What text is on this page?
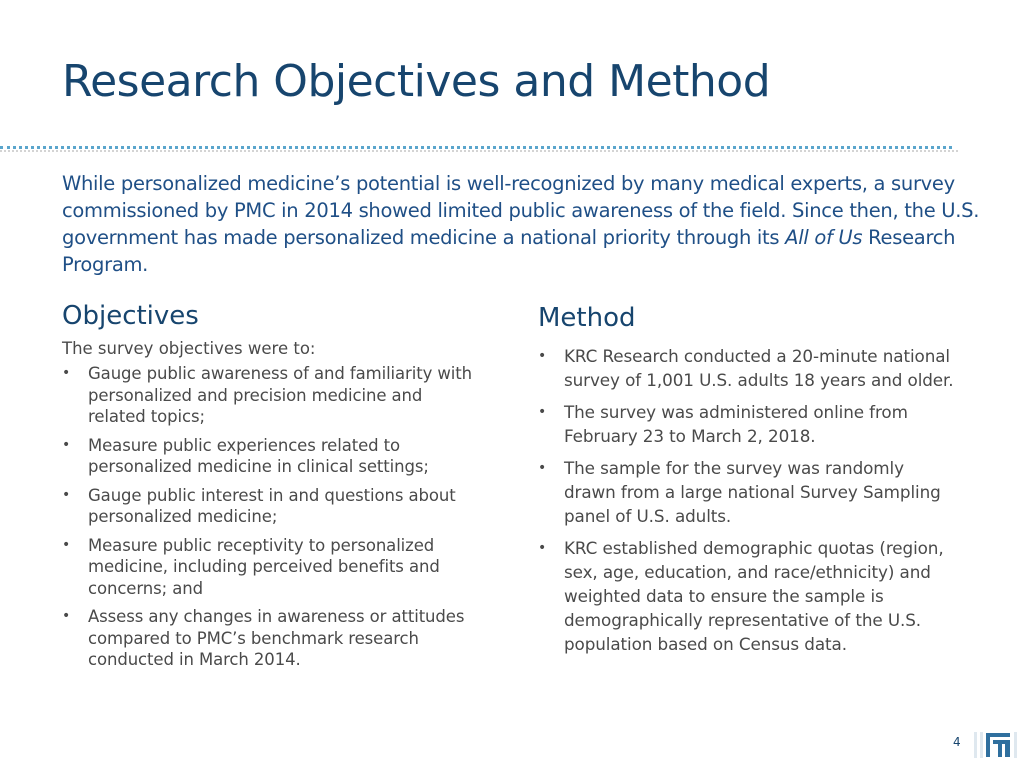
Research Objectives and Method

While personalized medicine’s potential is well-recognized by many medical experts, a survey commissioned by PMC in 2014 showed limited public awareness of the field. Since then, the U.S. government has made personalized medicine a national priority through its All of Us Research Program.

Objectives

The survey objectives were to:

• Gauge public awareness of and familiarity with personalized and precision medicine and related topics;
• Measure public experiences related to personalized medicine in clinical settings;
• Gauge public interest in and questions about personalized medicine;
• Measure public receptivity to personalized medicine, including perceived benefits and concerns; and
• Assess any changes in awareness or attitudes compared to PMC’s benchmark research conducted in March 2014.
Method
• KRC Research conducted a 20-minute national survey of 1,001 U.S. adults 18 years and older.
• The survey was administered online from February 23 to March 2, 2018.
• The sample for the survey was randomly drawn from a large national Survey Sampling panel of U.S. adults.
• KRC established demographic quotas (region, sex, age, education, and race/ethnicity) and weighted data to ensure the sample is demographically representative of the U.S. population based on Census data.
4
